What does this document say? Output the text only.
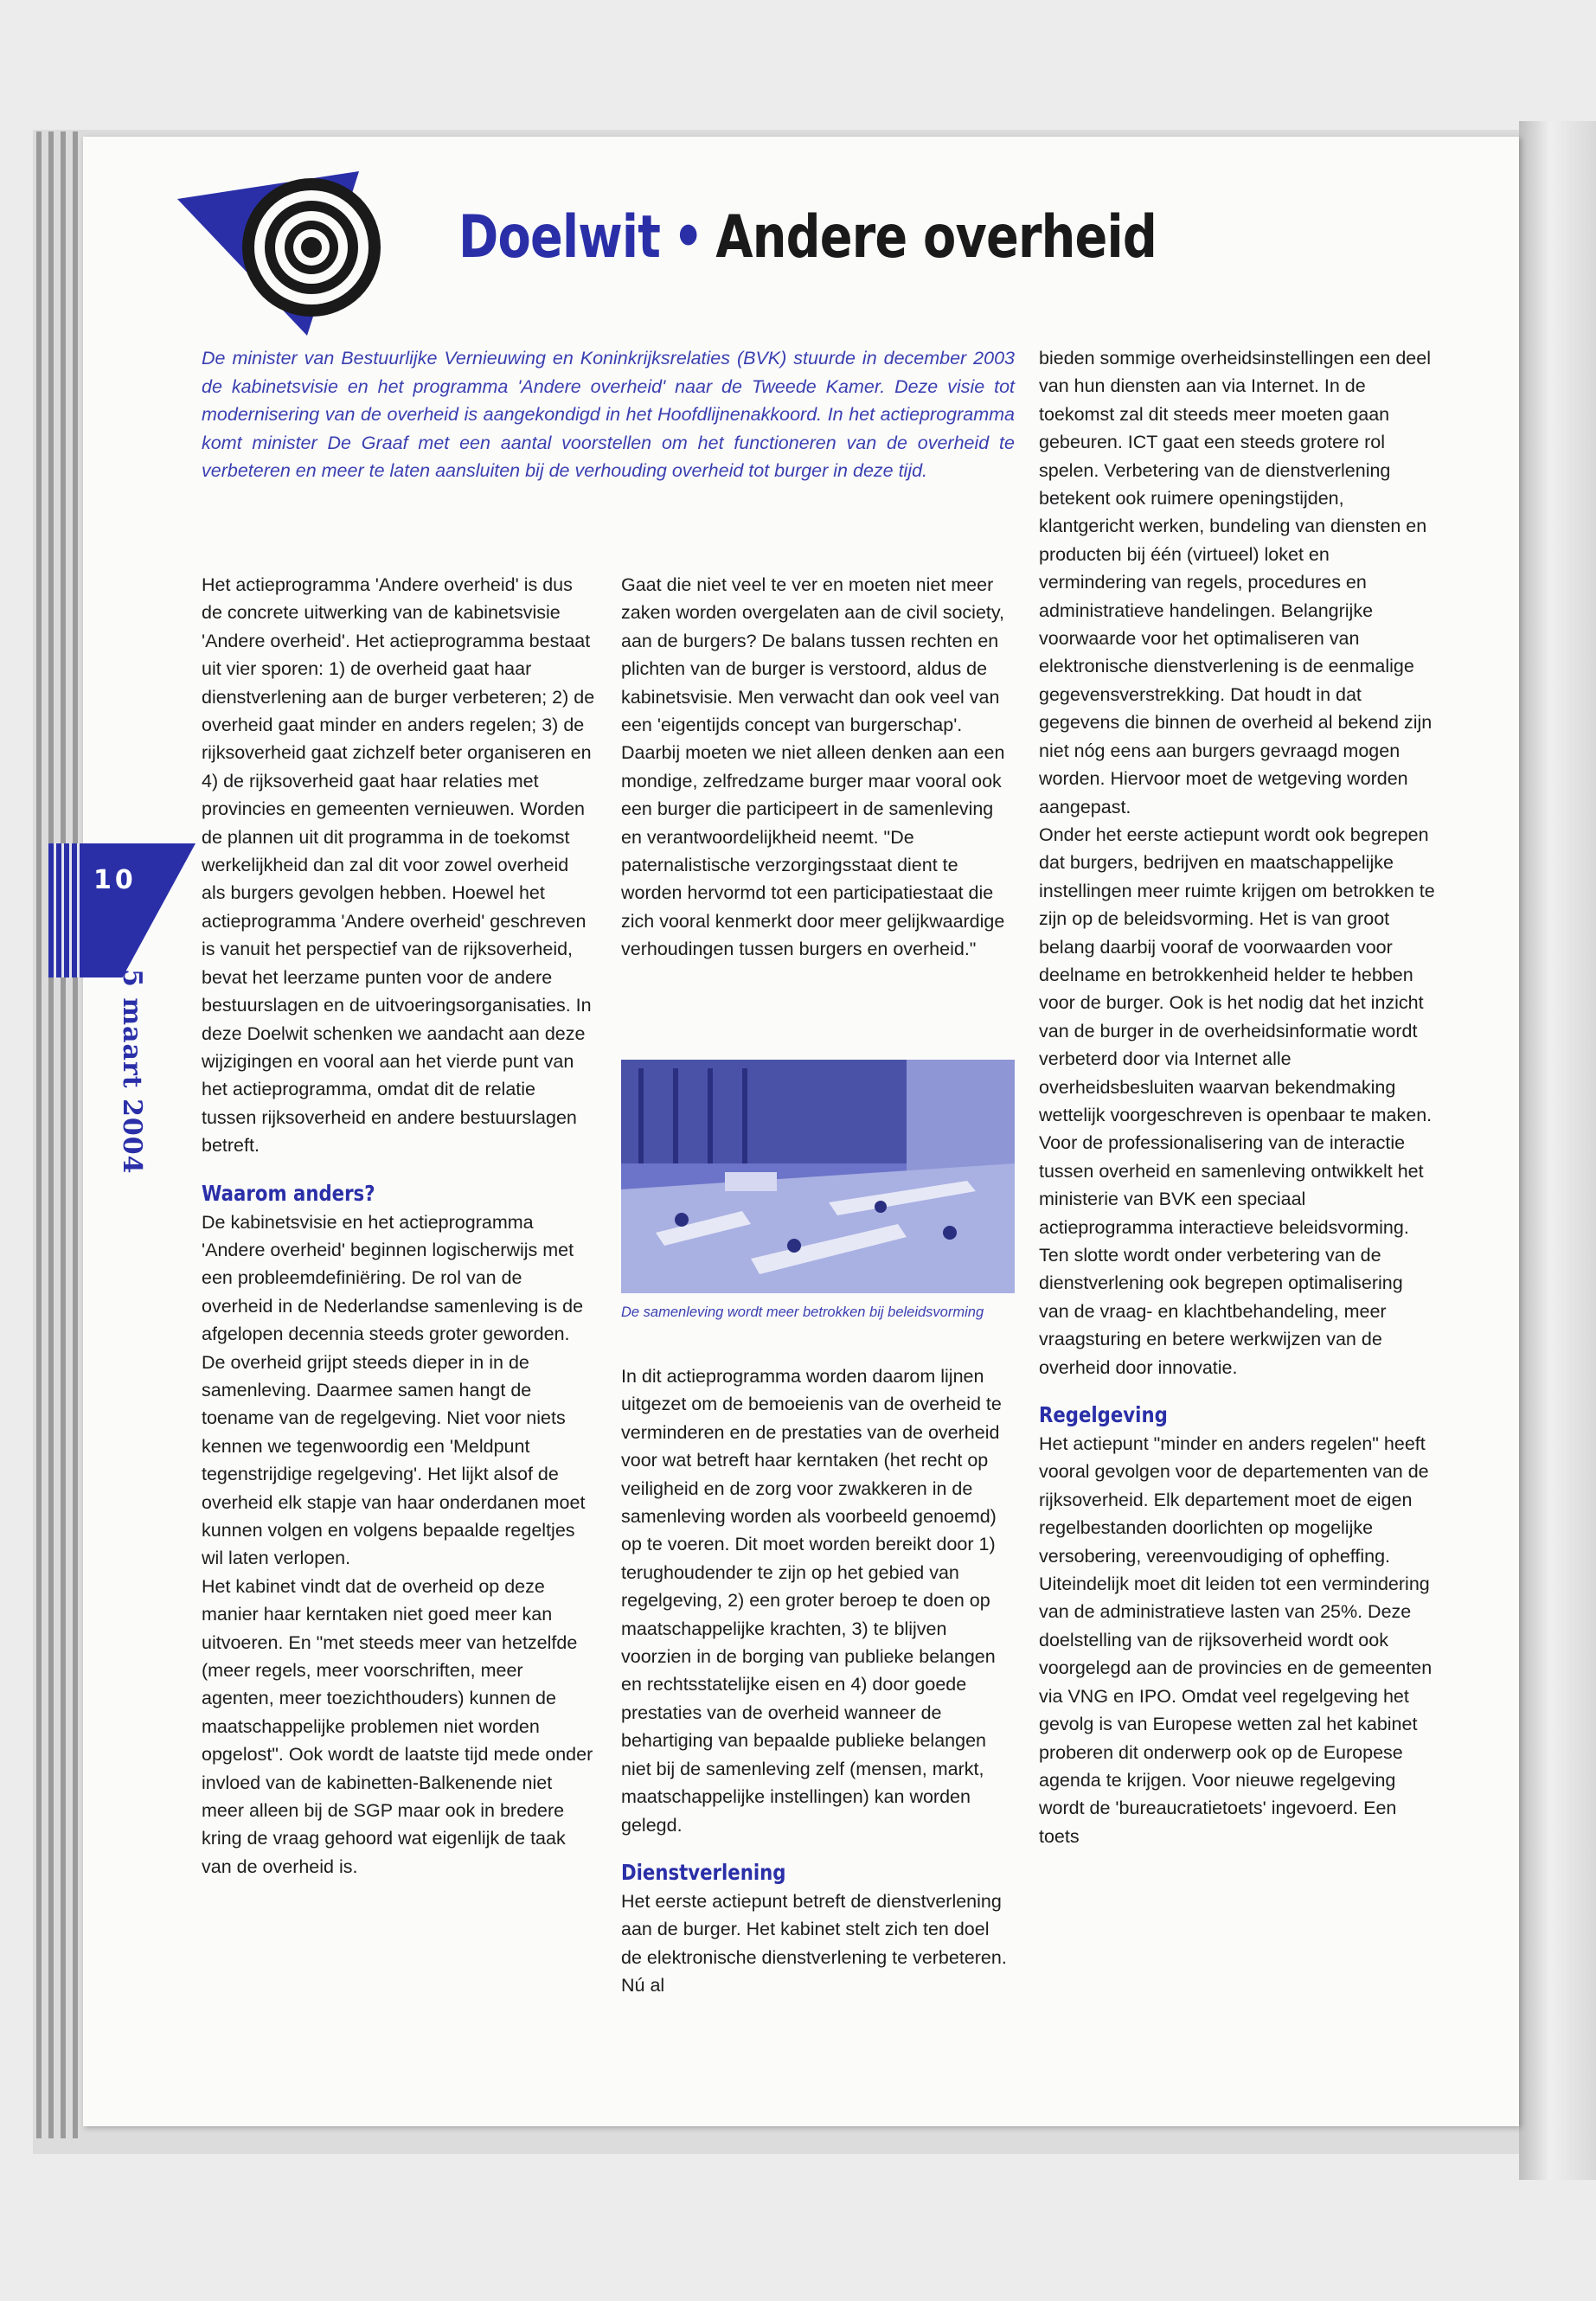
10
5 maart 2004
Doelwit • Andere overheid

De minister van Bestuurlijke Vernieuwing en Koninkrijksrelaties (BVK) stuurde in december 2003 de kabinetsvisie en het programma 'Andere overheid' naar de Tweede Kamer. Deze visie tot modernisering van de overheid is aangekondigd in het Hoofdlijnenakkoord. In het actieprogramma komt minister De Graaf met een aantal voorstellen om het functioneren van de overheid te verbeteren en meer te laten aansluiten bij de verhouding overheid tot burger in deze tijd.

Het actieprogramma 'Andere overheid' is dus de concrete uitwerking van de kabinetsvisie 'Andere overheid'. Het actieprogramma bestaat uit vier sporen: 1) de overheid gaat haar dienstverlening aan de burger verbeteren; 2) de overheid gaat minder en anders regelen; 3) de rijksoverheid gaat zichzelf beter organiseren en 4) de rijksoverheid gaat haar relaties met provincies en gemeenten vernieuwen. Worden de plannen uit dit programma in de toekomst werkelijkheid dan zal dit voor zowel overheid als burgers gevolgen hebben. Hoewel het actieprogramma 'Andere overheid' geschreven is vanuit het perspectief van de rijksoverheid, bevat het leerzame punten voor de andere bestuurslagen en de uitvoeringsorganisaties. In deze Doelwit schenken we aandacht aan deze wijzigingen en vooral aan het vierde punt van het actieprogramma, omdat dit de relatie tussen rijksoverheid en andere bestuurslagen betreft.

Waarom anders?

De kabinetsvisie en het actieprogramma 'Andere overheid' beginnen logischerwijs met een probleemdefiniëring. De rol van de overheid in de Nederlandse samenleving is de afgelopen decennia steeds groter geworden. De overheid grijpt steeds dieper in in de samenleving. Daarmee samen hangt de toename van de regelgeving. Niet voor niets kennen we tegenwoordig een 'Meldpunt tegenstrijdige regelgeving'. Het lijkt alsof de overheid elk stapje van haar onderdanen moet kunnen volgen en volgens bepaalde regeltjes wil laten verlopen.

Het kabinet vindt dat de overheid op deze manier haar kerntaken niet goed meer kan uitvoeren. En "met steeds meer van hetzelfde (meer regels, meer voorschriften, meer agenten, meer toezichthouders) kunnen de maatschappelijke problemen niet worden opgelost". Ook wordt de laatste tijd mede onder invloed van de kabinetten-Balkenende niet meer alleen bij de SGP maar ook in bredere kring de vraag gehoord wat eigenlijk de taak van de overheid is.

Gaat die niet veel te ver en moeten niet meer zaken worden overgelaten aan de civil society, aan de burgers? De balans tussen rechten en plichten van de burger is verstoord, aldus de kabinetsvisie. Men verwacht dan ook veel van een 'eigentijds concept van burgerschap'. Daarbij moeten we niet alleen denken aan een mondige, zelfredzame burger maar vooral ook een burger die participeert in de samenleving en verantwoordelijkheid neemt. "De paternalistische verzorgingsstaat dient te worden hervormd tot een participatiestaat die zich vooral kenmerkt door meer gelijkwaardige verhoudingen tussen burgers en overheid."

De samenleving wordt meer betrokken bij beleidsvorming

In dit actieprogramma worden daarom lijnen uitgezet om de bemoeienis van de overheid te verminderen en de prestaties van de overheid voor wat betreft haar kerntaken (het recht op veiligheid en de zorg voor zwakkeren in de samenleving worden als voorbeeld genoemd) op te voeren. Dit moet worden bereikt door 1) terughoudender te zijn op het gebied van regelgeving, 2) een groter beroep te doen op maatschappelijke krachten, 3) te blijven voorzien in de borging van publieke belangen en rechtsstatelijke eisen en 4) door goede prestaties van de overheid wanneer de behartiging van bepaalde publieke belangen niet bij de samenleving zelf (mensen, markt, maatschappelijke instellingen) kan worden gelegd.

Dienstverlening

Het eerste actiepunt betreft de dienstverlening aan de burger. Het kabinet stelt zich ten doel de elektronische dienstverlening te verbeteren. Nú al

bieden sommige overheidsinstellingen een deel van hun diensten aan via Internet. In de toekomst zal dit steeds meer moeten gaan gebeuren. ICT gaat een steeds grotere rol spelen. Verbetering van de dienstverlening betekent ook ruimere openingstijden, klantgericht werken, bundeling van diensten en producten bij één (virtueel) loket en vermindering van regels, procedures en administratieve handelingen. Belangrijke voorwaarde voor het optimaliseren van elektronische dienstverlening is de eenmalige gegevensverstrekking. Dat houdt in dat gegevens die binnen de overheid al bekend zijn niet nóg eens aan burgers gevraagd mogen worden. Hiervoor moet de wetgeving worden aangepast.

Onder het eerste actiepunt wordt ook begrepen dat burgers, bedrijven en maatschappelijke instellingen meer ruimte krijgen om betrokken te zijn op de beleidsvorming. Het is van groot belang daarbij vooraf de voorwaarden voor deelname en betrokkenheid helder te hebben voor de burger. Ook is het nodig dat het inzicht van de burger in de overheidsinformatie wordt verbeterd door via Internet alle overheidsbesluiten waarvan bekendmaking wettelijk voorgeschreven is openbaar te maken. Voor de professionalisering van de interactie tussen overheid en samenleving ontwikkelt het ministerie van BVK een speciaal actieprogramma interactieve beleidsvorming.

Ten slotte wordt onder verbetering van de dienstverlening ook begrepen optimalisering van de vraag- en klachtbehandeling, meer vraagsturing en betere werkwijzen van de overheid door innovatie.

Regelgeving

Het actiepunt "minder en anders regelen" heeft vooral gevolgen voor de departementen van de rijksoverheid. Elk departement moet de eigen regelbestanden doorlichten op mogelijke versobering, vereenvoudiging of opheffing. Uiteindelijk moet dit leiden tot een vermindering van de administratieve lasten van 25%. Deze doelstelling van de rijksoverheid wordt ook voorgelegd aan de provincies en de gemeenten via VNG en IPO. Omdat veel regelgeving het gevolg is van Europese wetten zal het kabinet proberen dit onderwerp ook op de Europese agenda te krijgen. Voor nieuwe regelgeving wordt de 'bureaucratietoets' ingevoerd. Een toets
